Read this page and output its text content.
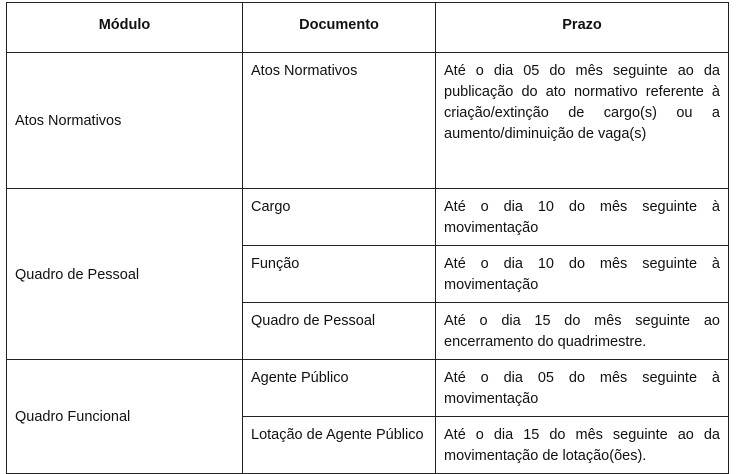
Módulo	Documento	Prazo
Atos Normativos	Atos Normativos	Até o dia 05 do mês seguinte ao da publicação do ato normativo referente à criação/extinção de cargo(s) ou a aumento/diminuição de vaga(s)
Quadro de Pessoal	Cargo	Até o dia 10 do mês seguinte à movimentação
	Função	Até o dia 10 do mês seguinte à movimentação
	Quadro de Pessoal	Até o dia 15 do mês seguinte ao encerramento do quadrimestre.
Quadro Funcional	Agente Público	Até o dia 05 do mês seguinte à movimentação
	Lotação de Agente Público	Até o dia 15 do mês seguinte ao da movimentação de lotação(ões).
